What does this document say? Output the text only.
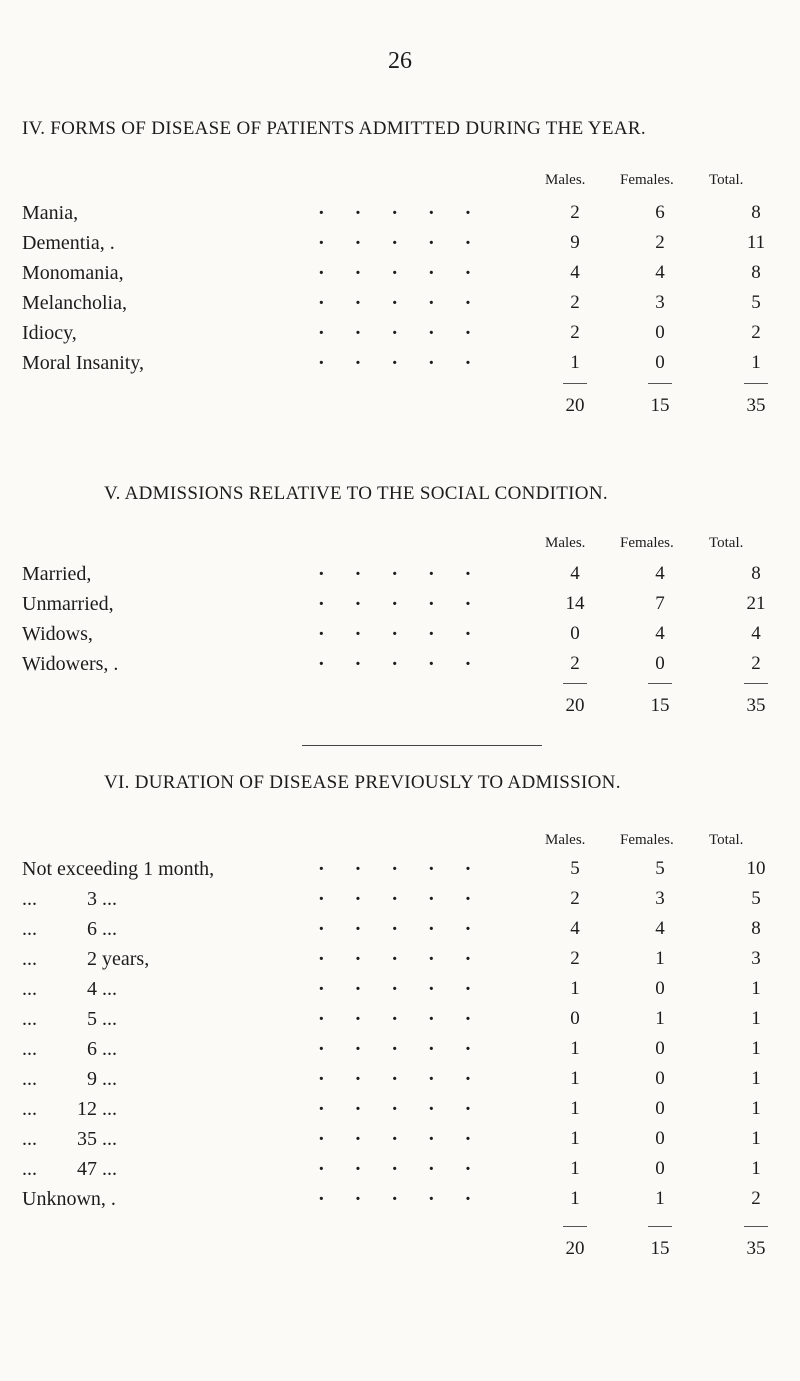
26
IV. FORMS OF DISEASE OF PATIENTS ADMITTED DURING THE YEAR.
Males. Females. Total.
Mania,	·····	2	6	8
Dementia, .	·····	9	2	11
Monomania,	·····	4	4	8
Melancholia,	·····	2	3	5
Idiocy,	·····	2	0	2
Moral Insanity,	·····	1	0	1
20	15	35
V. ADMISSIONS RELATIVE TO THE SOCIAL CONDITION.
Males. Females. Total.
Married,	·····	4	4	8
Unmarried,	·····	14	7	21
Widows,	·····	0	4	4
Widowers, .	·····	2	0	2
20	15	35
VI. DURATION OF DISEASE PREVIOUSLY TO ADMISSION.
Males. Females. Total.
Not exceeding 1 month,	·····	5	5	10
...          3 ...	·····	2	3	5
...          6 ...	·····	4	4	8
...          2 years,	·····	2	1	3
...          4 ...	·····	1	0	1
...          5 ...	·····	0	1	1
...          6 ...	·····	1	0	1
...          9 ...	·····	1	0	1
...        12 ...	·····	1	0	1
...        35 ...	·····	1	0	1
...        47 ...	·····	1	0	1
Unknown, .	·····	1	1	2
20	15	35
